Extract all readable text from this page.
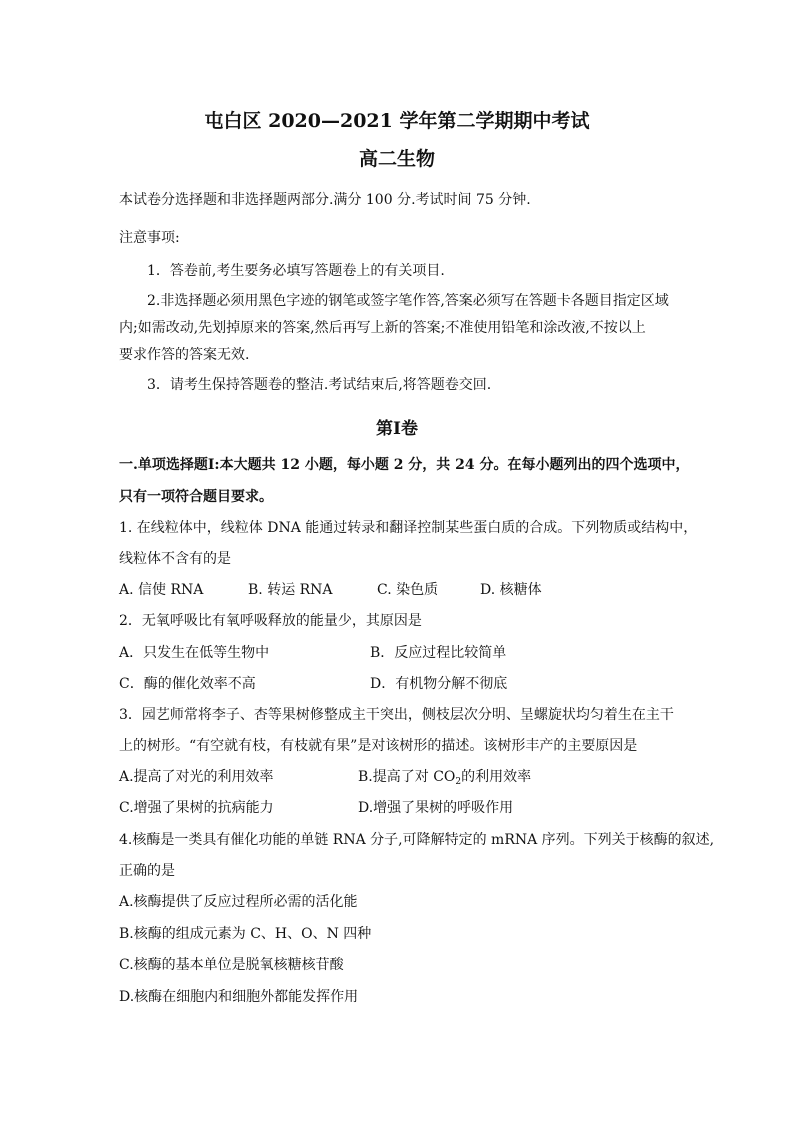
屯白区 2020—2021 学年第二学期期中考试
高二生物
本试卷分选择题和非选择题两部分.满分 100 分.考试时间 75 分钟.
注意事项:
1．答卷前,考生要务必填写答题卷上的有关项目.
2.非选择题必须用黑色字迹的钢笔或签字笔作答,答案必须写在答题卡各题目指定区域
内;如需改动,先划掉原来的答案,然后再写上新的答案;不准使用铅笔和涂改液,不按以上
要求作答的答案无效.
3．请考生保持答题卷的整洁.考试结束后,将答题卷交回.
第Ⅰ卷
一.单项选择题Ⅰ:本大题共 12 小题，每小题 2 分，共 24 分。在每小题列出的四个选项中，
只有一项符合题目要求。
1. 在线粒体中，线粒体 DNA 能通过转录和翻译控制某些蛋白质的合成。下列物质或结构中，
线粒体不含有的是
A. 信使 RNA	B. 转运 RNA	C. 染色质	D. 核糖体
2．无氧呼吸比有氧呼吸释放的能量少，其原因是
A．只发生在低等生物中	B．反应过程比较简单
C．酶的催化效率不高	D．有机物分解不彻底
3．园艺师常将李子、杏等果树修整成主干突出，侧枝层次分明、呈螺旋状均匀着生在主干
上的树形。“有空就有枝，有枝就有果”是对该树形的描述。该树形丰产的主要原因是
A.提高了对光的利用效率	B.提高了对 $CO_2$的利用效率
C.增强了果树的抗病能力	D.增强了果树的呼吸作用
4.核酶是一类具有催化功能的单链 RNA 分子,可降解特定的 mRNA 序列。下列关于核酶的叙述,
正确的是
A.核酶提供了反应过程所必需的活化能
B.核酶的组成元素为 C、H、O、N 四种
C.核酶的基本单位是脱氧核糖核苷酸
D.核酶在细胞内和细胞外都能发挥作用
